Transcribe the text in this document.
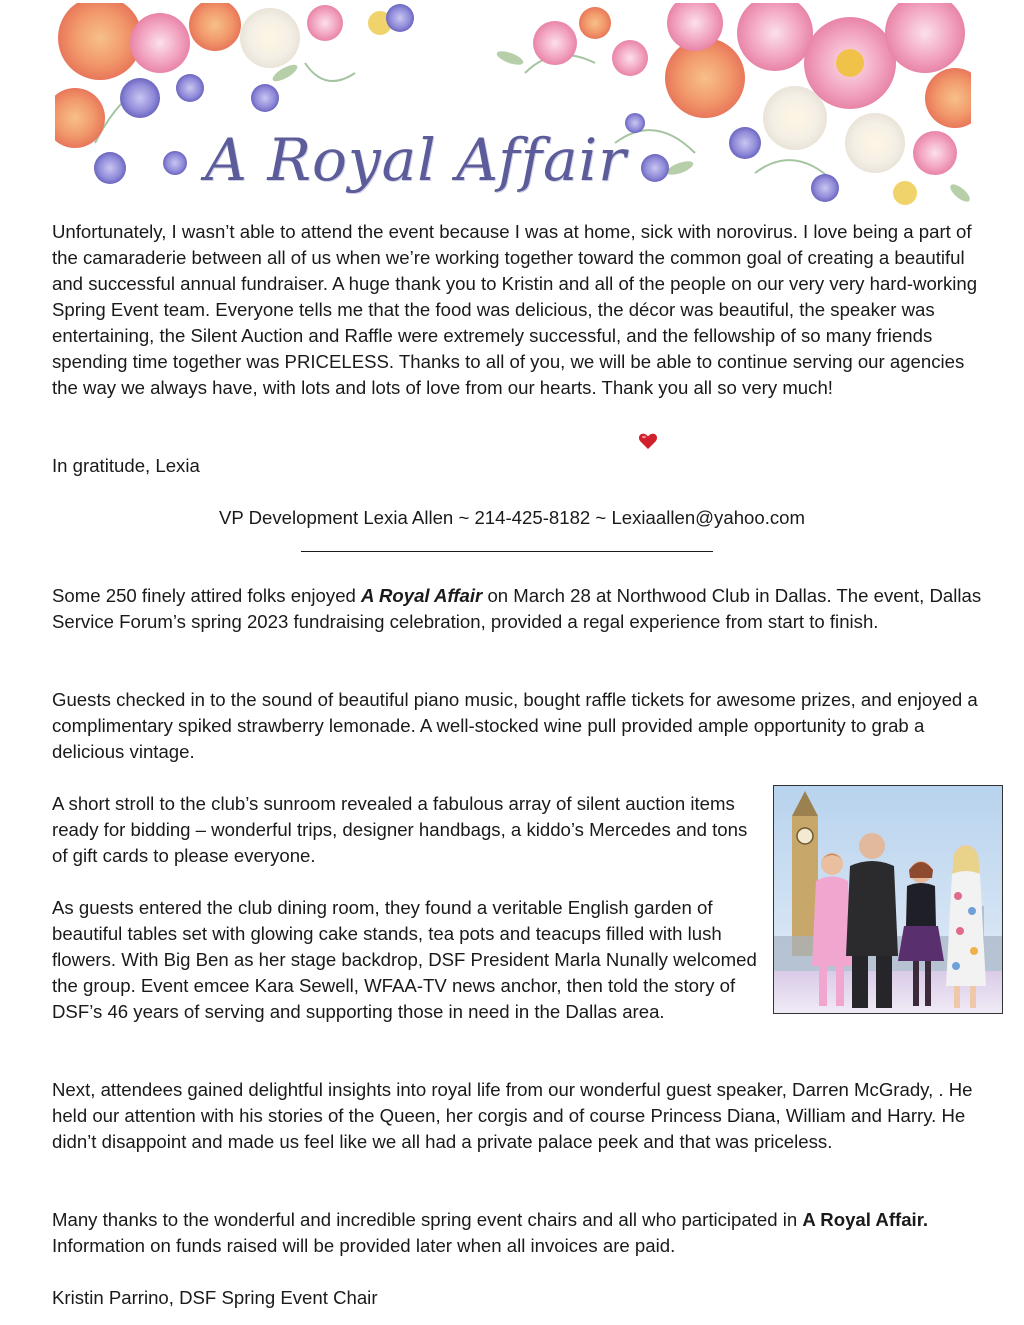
A Royal Affair

Unfortunately, I wasn’t able to attend the event because I was at home, sick with norovirus. I love being a part of the camaraderie between all of us when we’re working together toward the common goal of creating a beautiful and successful annual fundraiser. A huge thank you to Kristin and all of the people on our very very hard-working Spring Event team. Everyone tells me that the food was delicious, the décor was beautiful, the speaker was entertaining, the Silent Auction and Raffle were extremely successful, and the fellowship of so many friends spending time together was PRICELESS. Thanks to all of you, we will be able to continue serving our agencies the way we always have, with lots and lots of love from our hearts. Thank you all so very much!

In gratitude, Lexia

VP Development Lexia Allen ~ 214-425-8182 ~ Lexiaallen@yahoo.com

Some 250 finely attired folks enjoyed A Royal Affair on March 28 at Northwood Club in Dallas. The event, Dallas Service Forum’s spring 2023 fundraising celebration, provided a regal experience from start to finish.

Guests checked in to the sound of beautiful piano music, bought raffle tickets for awesome prizes, and enjoyed a complimentary spiked strawberry lemonade. A well-stocked wine pull provided ample opportunity to grab a delicious vintage.

A short stroll to the club’s sunroom revealed a fabulous array of silent auction items ready for bidding – wonderful trips, designer handbags, a kiddo’s Mercedes and tons of gift cards to please everyone.

As guests entered the club dining room, they found a veritable English garden of beautiful tables set with glowing cake stands, tea pots and teacups filled with lush flowers. With Big Ben as her stage backdrop, DSF President Marla Nunally welcomed the group. Event emcee Kara Sewell, WFAA-TV news anchor, then told the story of DSF’s 46 years of serving and supporting those in need in the Dallas area.

Next, attendees gained delightful insights into royal life from our wonderful guest speaker, Darren McGrady, . He held our attention with his stories of the Queen, her corgis and of course Princess Diana, William and Harry. He didn’t disappoint and made us feel like we all had a private palace peek and that was priceless.

Many thanks to the wonderful and incredible spring event chairs and all who participated in A Royal Affair. Information on funds raised will be provided later when all invoices are paid.

Kristin Parrino, DSF Spring Event Chair
